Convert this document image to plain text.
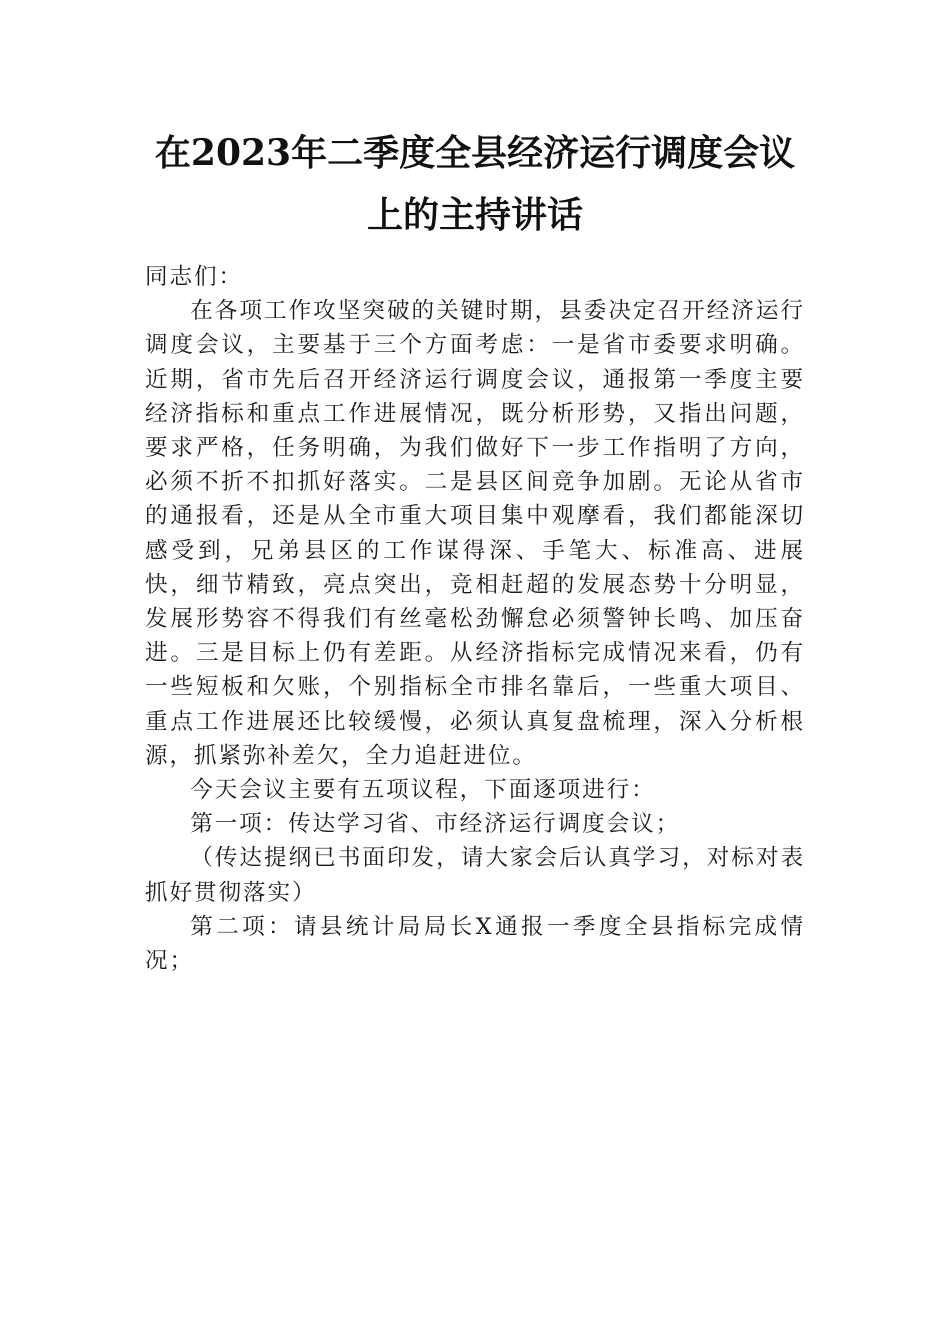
在2023年二季度全县经济运行调度会议上的主持讲话

同志们：

在各项工作攻坚突破的关键时期，县委决定召开经济运行调度会议，主要基于三个方面考虑：一是省市委要求明确。近期，省市先后召开经济运行调度会议，通报第一季度主要经济指标和重点工作进展情况，既分析形势，又指出问题，要求严格，任务明确，为我们做好下一步工作指明了方向，必须不折不扣抓好落实。二是县区间竞争加剧。无论从省市的通报看，还是从全市重大项目集中观摩看，我们都能深切感受到，兄弟县区的工作谋得深、手笔大、标准高、进展快，细节精致，亮点突出，竞相赶超的发展态势十分明显，发展形势容不得我们有丝毫松劲懈怠必须警钟长鸣、加压奋进。三是目标上仍有差距。从经济指标完成情况来看，仍有一些短板和欠账，个别指标全市排名靠后，一些重大项目、重点工作进展还比较缓慢，必须认真复盘梳理，深入分析根源，抓紧弥补差欠，全力追赶进位。

今天会议主要有五项议程，下面逐项进行：

第一项：传达学习省、市经济运行调度会议；

（传达提纲已书面印发，请大家会后认真学习，对标对表抓好贯彻落实）

第二项：请县统计局局长X通报一季度全县指标完成情况；
